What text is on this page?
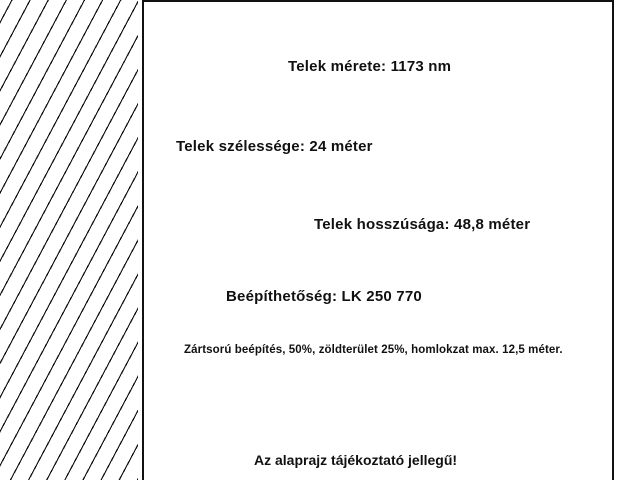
Telek mérete: 1173 nm
Telek szélessége: 24 méter
Telek hosszúsága: 48,8 méter
Beépíthetőség: LK 250 770
Zártsorú beépítés, 50%, zöldterület 25%, homlokzat max. 12,5 méter.
Az alaprajz tájékoztató jellegű!
